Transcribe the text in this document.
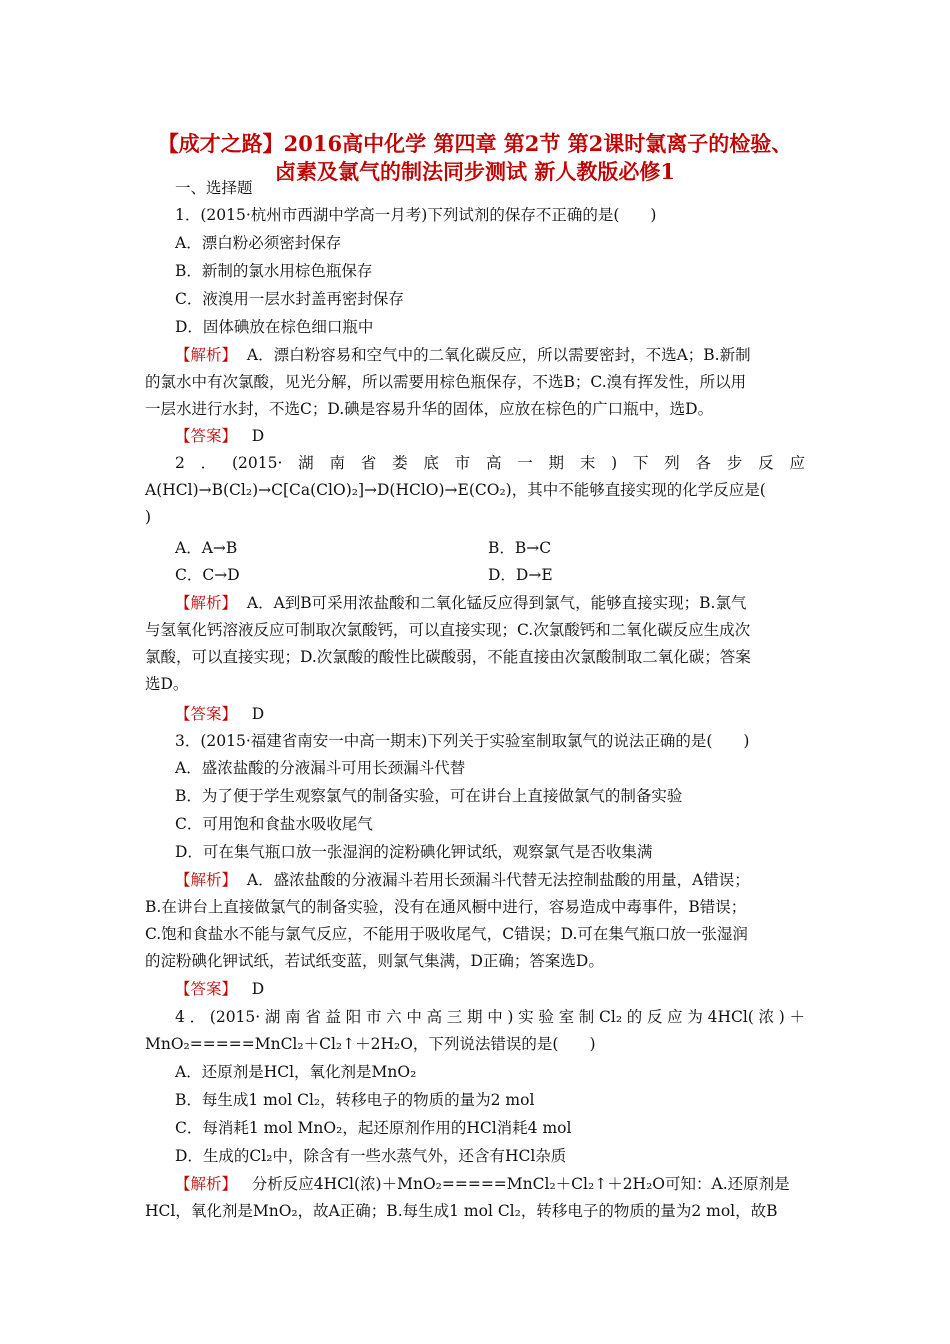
【成才之路】2016高中化学 第四章 第2节 第2课时氯离子的检验、
卤素及氯气的制法同步测试 新人教版必修1
一、选择题
1．(2015·杭州市西湖中学高一月考)下列试剂的保存不正确的是(　　)
A．漂白粉必须密封保存
B．新制的氯水用棕色瓶保存
C．液溴用一层水封盖再密封保存
D．固体碘放在棕色细口瓶中
【解析】 A．漂白粉容易和空气中的二氧化碳反应，所以需要密封，不选A；B.新制
的氯水中有次氯酸，见光分解，所以需要用棕色瓶保存，不选B；C.溴有挥发性，所以用
一层水进行水封，不选C；D.碘是容易升华的固体，应放在棕色的广口瓶中，选D。
【答案】 D
2．(2015·湖南省娄底市高一期末)下列各步反应
A(HCl)→B(Cl₂)→C[Ca(ClO)₂]→D(HClO)→E(CO₂)，其中不能够直接实现的化学反应是(
)
A．A→B	B．B→C
C．C→D	D．D→E
【解析】 A．A到B可采用浓盐酸和二氧化锰反应得到氯气，能够直接实现；B.氯气
与氢氧化钙溶液反应可制取次氯酸钙，可以直接实现；C.次氯酸钙和二氧化碳反应生成次
氯酸，可以直接实现；D.次氯酸的酸性比碳酸弱，不能直接由次氯酸制取二氧化碳；答案
选D。
【答案】 D
3．(2015·福建省南安一中高一期末)下列关于实验室制取氯气的说法正确的是(　　)
A．盛浓盐酸的分液漏斗可用长颈漏斗代替
B．为了便于学生观察氯气的制备实验，可在讲台上直接做氯气的制备实验
C．可用饱和食盐水吸收尾气
D．可在集气瓶口放一张湿润的淀粉碘化钾试纸，观察氯气是否收集满
【解析】 A．盛浓盐酸的分液漏斗若用长颈漏斗代替无法控制盐酸的用量，A错误；
B.在讲台上直接做氯气的制备实验，没有在通风橱中进行，容易造成中毒事件，B错误；
C.饱和食盐水不能与氯气反应，不能用于吸收尾气，C错误；D.可在集气瓶口放一张湿润
的淀粉碘化钾试纸，若试纸变蓝，则氯气集满，D正确；答案选D。
【答案】 D
4．(2015·湖南省益阳市六中高三期中)实验室制Cl₂的反应为4HCl(浓)＋
MnO₂=====MnCl₂＋Cl₂↑＋2H₂O，下列说法错误的是(　　)
A．还原剂是HCl，氧化剂是MnO₂
B．每生成1 mol Cl₂，转移电子的物质的量为2 mol
C．每消耗1 mol MnO₂，起还原剂作用的HCl消耗4 mol
D．生成的Cl₂中，除含有一些水蒸气外，还含有HCl杂质
【解析】 分析反应4HCl(浓)＋MnO₂=====MnCl₂＋Cl₂↑＋2H₂O可知：A.还原剂是
HCl，氧化剂是MnO₂，故A正确；B.每生成1 mol Cl₂，转移电子的物质的量为2 mol，故B
